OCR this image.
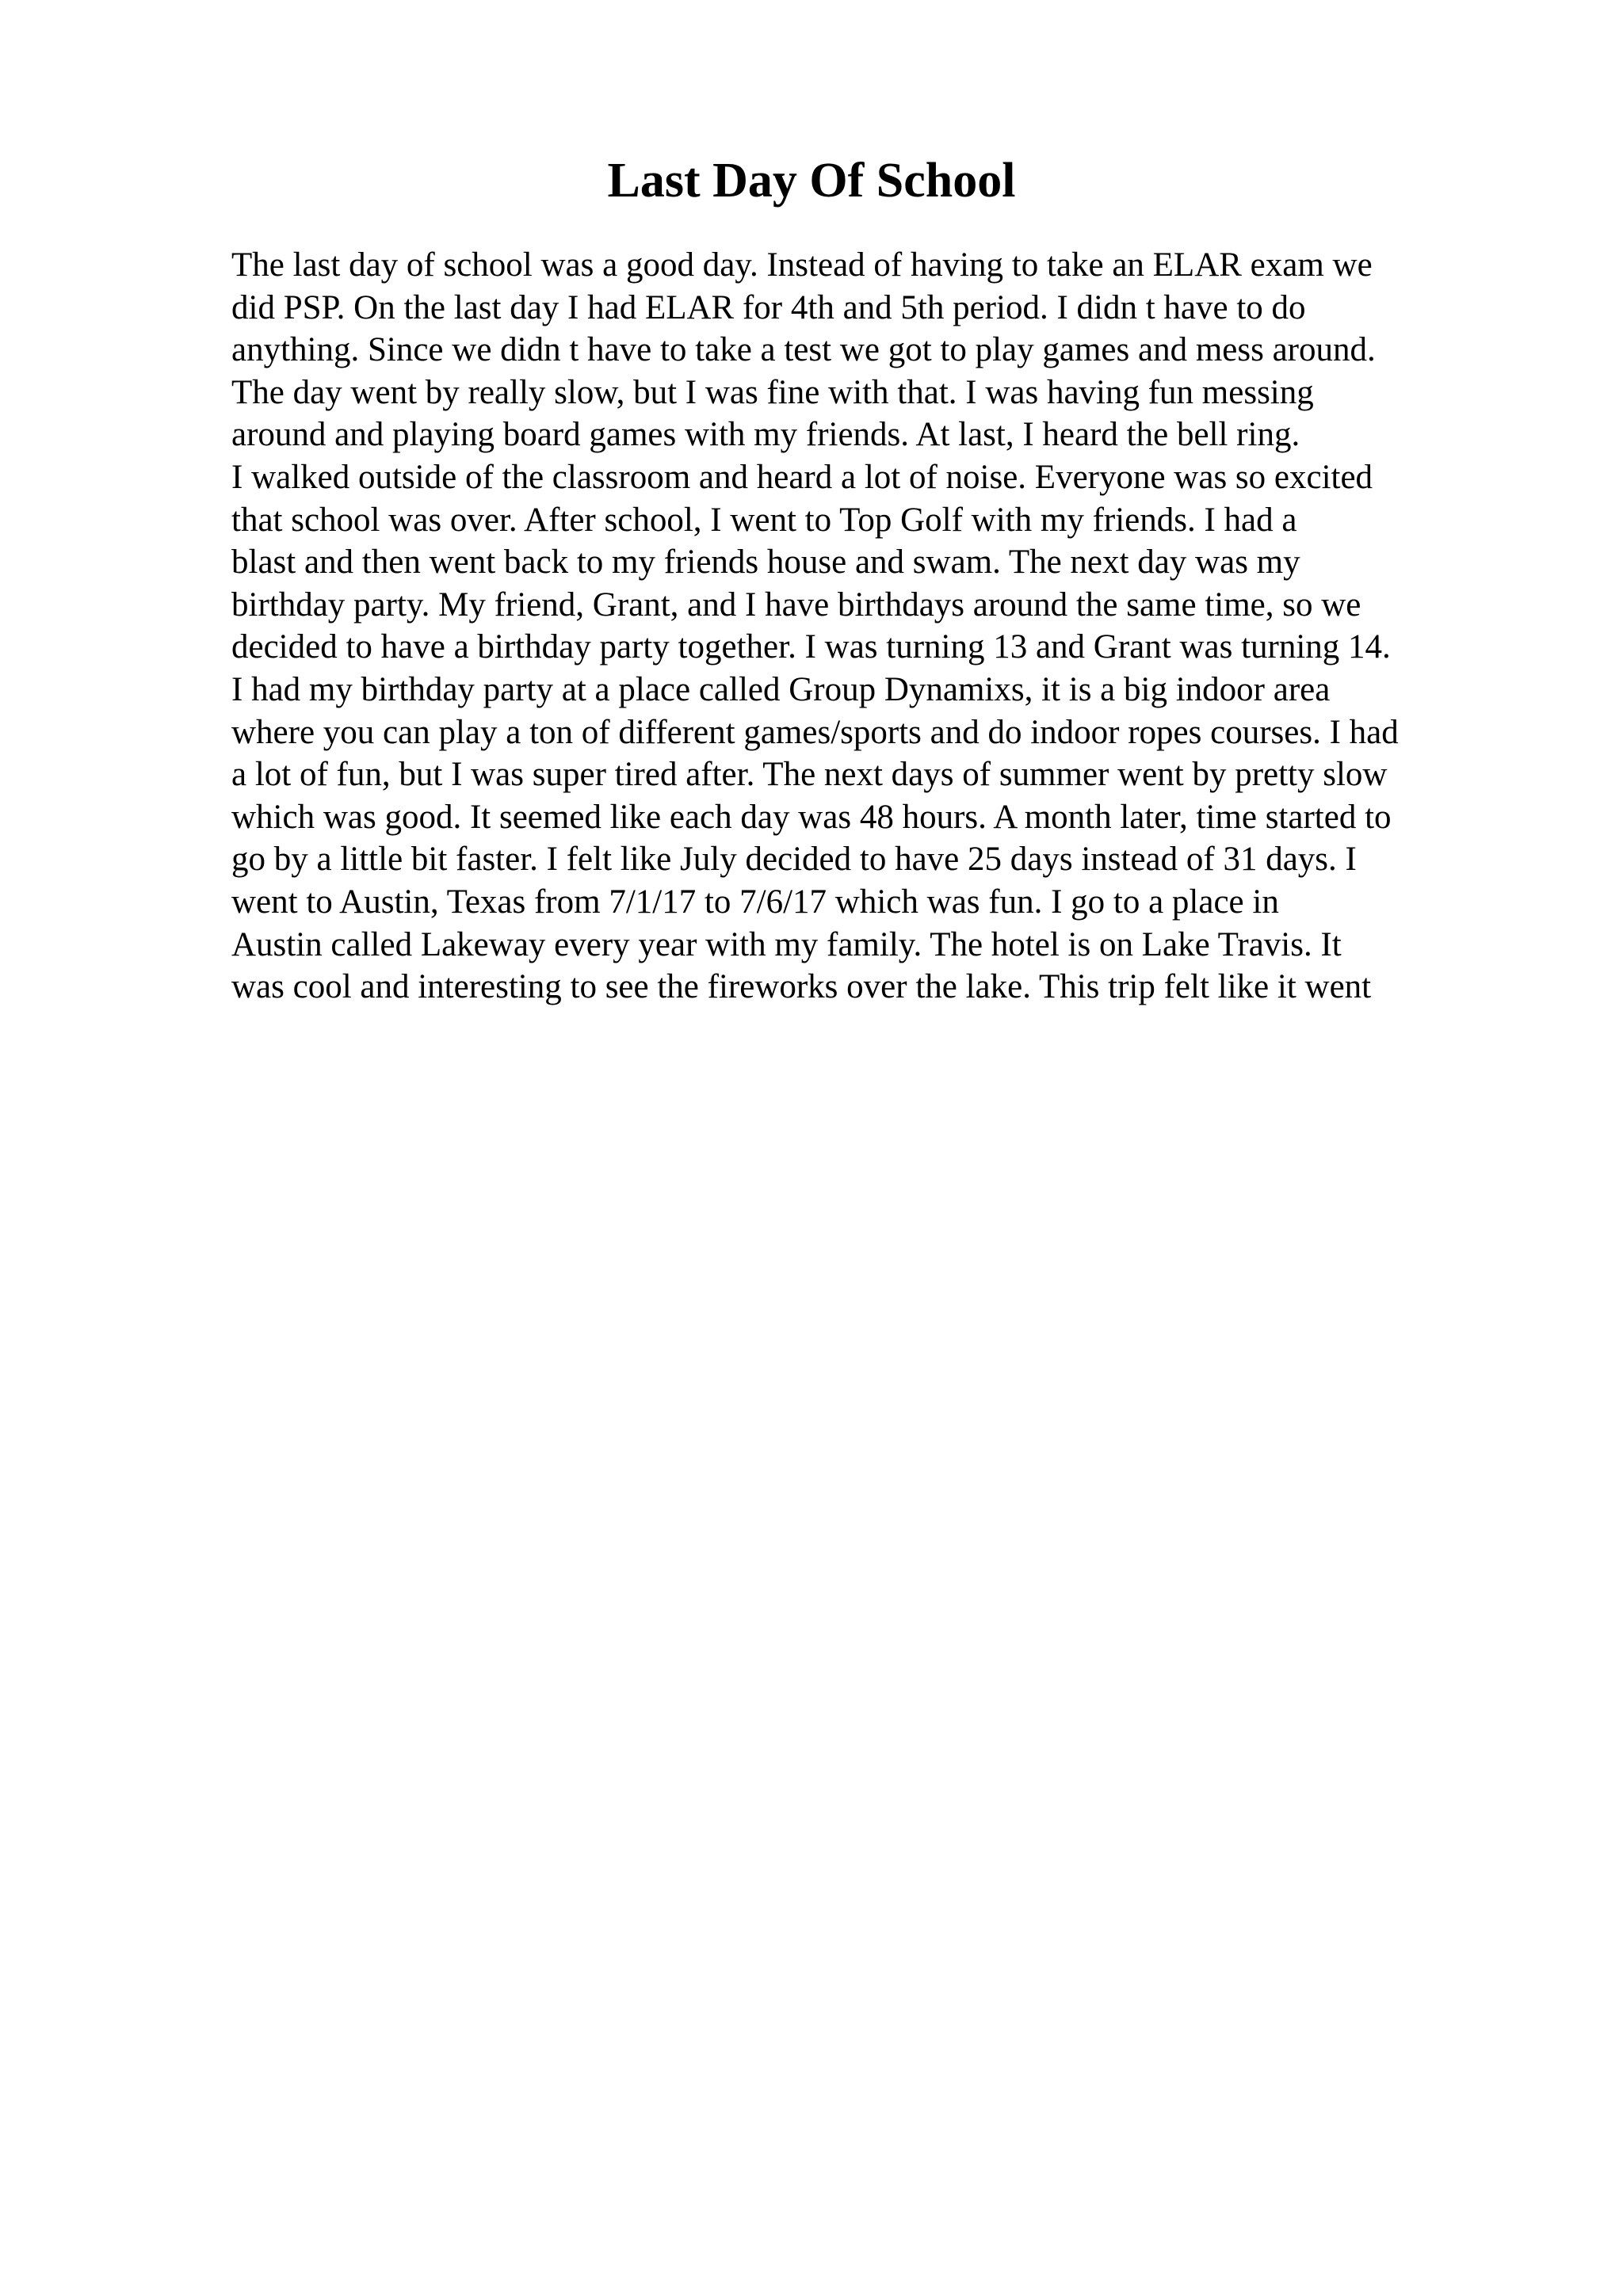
Last Day Of School
The last day of school was a good day. Instead of having to take an ELAR exam we
did PSP. On the last day I had ELAR for 4th and 5th period. I didn t have to do
anything. Since we didn t have to take a test we got to play games and mess around.
The day went by really slow, but I was fine with that. I was having fun messing
around and playing board games with my friends. At last, I heard the bell ring.
I walked outside of the classroom and heard a lot of noise. Everyone was so excited
that school was over. After school, I went to Top Golf with my friends. I had a
blast and then went back to my friends house and swam. The next day was my
birthday party. My friend, Grant, and I have birthdays around the same time, so we
decided to have a birthday party together. I was turning 13 and Grant was turning 14.
I had my birthday party at a place called Group Dynamixs, it is a big indoor area
where you can play a ton of different games/sports and do indoor ropes courses. I had
a lot of fun, but I was super tired after. The next days of summer went by pretty slow
which was good. It seemed like each day was 48 hours. A month later, time started to
go by a little bit faster. I felt like July decided to have 25 days instead of 31 days. I
went to Austin, Texas from 7/1/17 to 7/6/17 which was fun. I go to a place in
Austin called Lakeway every year with my family. The hotel is on Lake Travis. It
was cool and interesting to see the fireworks over the lake. This trip felt like it went
